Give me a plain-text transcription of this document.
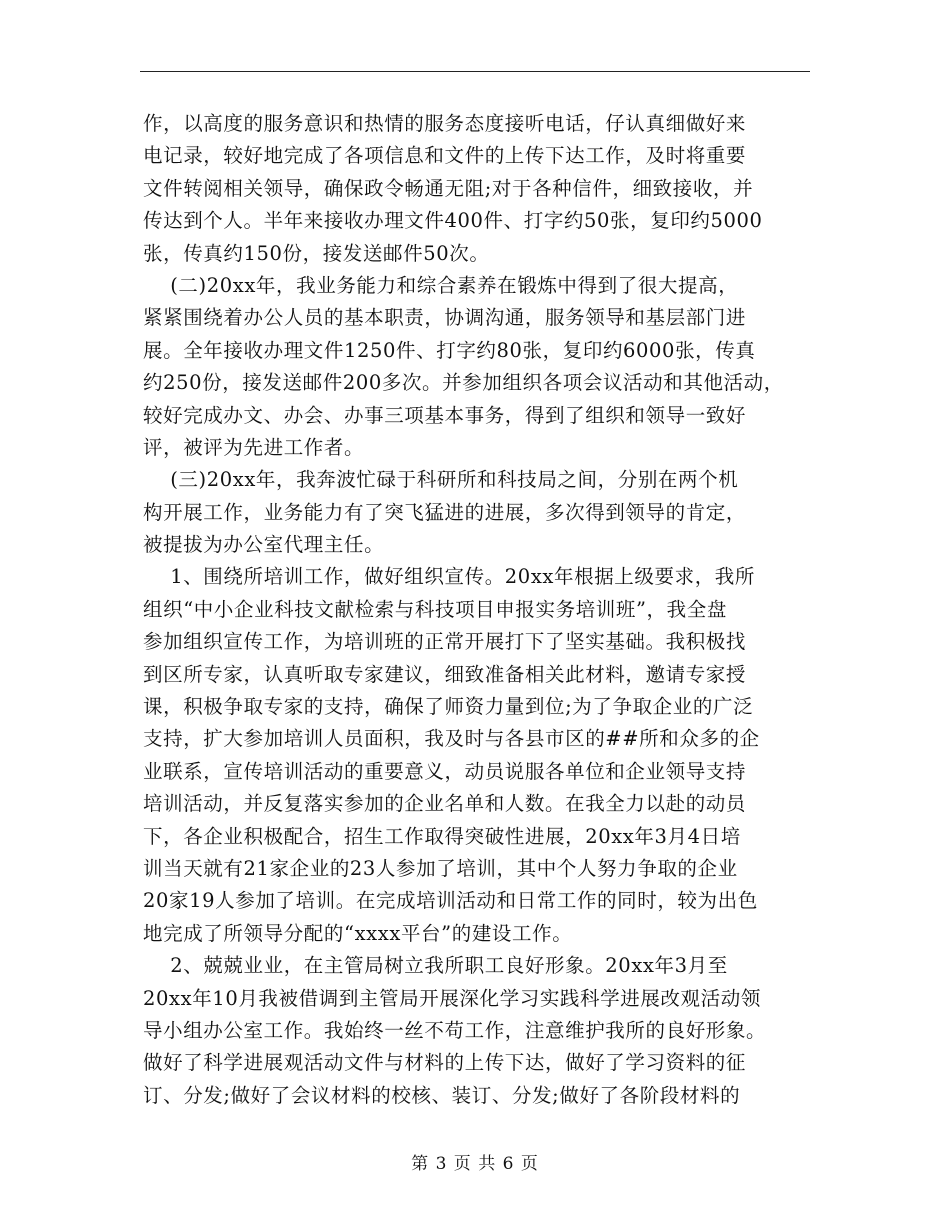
作，以高度的服务意识和热情的服务态度接听电话，仔认真细做好来
电记录，较好地完成了各项信息和文件的上传下达工作，及时将重要
文件转阅相关领导，确保政令畅通无阻;对于各种信件，细致接收，并
传达到个人。半年来接收办理文件400件、打字约50张，复印约5000
张，传真约150份，接发送邮件50次。
(二)20xx年，我业务能力和综合素养在锻炼中得到了很大提高，
紧紧围绕着办公人员的基本职责，协调沟通，服务领导和基层部门进
展。全年接收办理文件1250件、打字约80张，复印约6000张，传真
约250份，接发送邮件200多次。并参加组织各项会议活动和其他活动，
较好完成办文、办会、办事三项基本事务，得到了组织和领导一致好
评，被评为先进工作者。
(三)20xx年，我奔波忙碌于科研所和科技局之间，分别在两个机
构开展工作，业务能力有了突飞猛进的进展，多次得到领导的肯定，
被提拔为办公室代理主任。
1、围绕所培训工作，做好组织宣传。20xx年根据上级要求，我所
组织“中小企业科技文献检索与科技项目申报实务培训班”，我全盘
参加组织宣传工作，为培训班的正常开展打下了坚实基础。我积极找
到区所专家，认真听取专家建议，细致准备相关此材料，邀请专家授
课，积极争取专家的支持，确保了师资力量到位;为了争取企业的广泛
支持，扩大参加培训人员面积，我及时与各县市区的##所和众多的企
业联系，宣传培训活动的重要意义，动员说服各单位和企业领导支持
培训活动，并反复落实参加的企业名单和人数。在我全力以赴的动员
下，各企业积极配合，招生工作取得突破性进展，20xx年3月4日培
训当天就有21家企业的23人参加了培训，其中个人努力争取的企业
20家19人参加了培训。在完成培训活动和日常工作的同时，较为出色
地完成了所领导分配的“xxxx平台”的建设工作。
2、兢兢业业，在主管局树立我所职工良好形象。20xx年3月至
20xx年10月我被借调到主管局开展深化学习实践科学进展改观活动领
导小组办公室工作。我始终一丝不苟工作，注意维护我所的良好形象。
做好了科学进展观活动文件与材料的上传下达，做好了学习资料的征
订、分发;做好了会议材料的校核、装订、分发;做好了各阶段材料的
第 3 页 共 6 页
